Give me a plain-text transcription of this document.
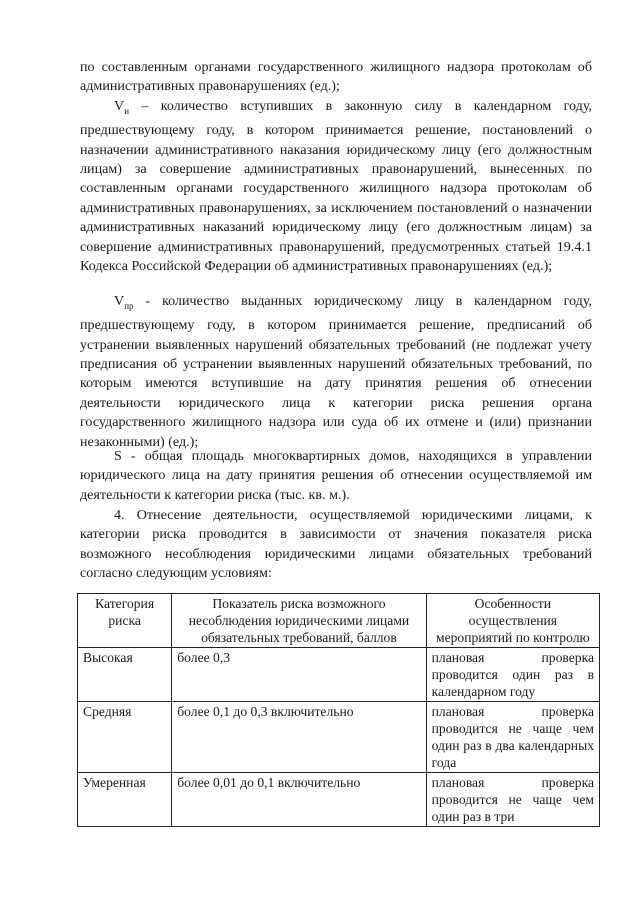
по составленным органами государственного жилищного надзора протоколам об административных правонарушениях (ед.);

$V_и$ – количество вступивших в законную силу в календарном году, предшествующему году, в котором принимается решение, постановлений о назначении административного наказания юридическому лицу (его должностным лицам) за совершение административных правонарушений, вынесенных по составленным органами государственного жилищного надзора протоколам об административных правонарушениях, за исключением постановлений о назначении административных наказаний юридическому лицу (его должностным лицам) за совершение административных правонарушений, предусмотренных статьей 19.4.1 Кодекса Российской Федерации об административных правонарушениях (ед.);

$V_{пр}$ - количество выданных юридическому лицу в календарном году, предшествующему году, в котором принимается решение, предписаний об устранении выявленных нарушений обязательных требований (не подлежат учету предписания об устранении выявленных нарушений обязательных требований, по которым имеются вступившие на дату принятия решения об отнесении деятельности юридического лица к категории риска решения органа государственного жилищного надзора или суда об их отмене и (или) признании незаконными) (ед.);

S - общая площадь многоквартирных домов, находящихся в управлении юридического лица на дату принятия решения об отнесении осуществляемой им деятельности к категории риска (тыс. кв. м.).

4. Отнесение деятельности, осуществляемой юридическими лицами, к категории риска проводится в зависимости от значения показателя риска возможного несоблюдения юридическими лицами обязательных требований согласно следующим условиям:

Категория риска	Показатель риска возможного несоблюдения юридическими лицами обязательных требований, баллов	Особенности осуществления мероприятий по контролю
Высокая	более 0,3	плановая проверка проводится один раз в календарном году
Средняя	более 0,1 до 0,3 включительно	плановая проверка проводится не чаще чем один раз в два календарных года
Умеренная	более 0,01 до 0,1 включительно	плановая проверка проводится не чаще чем один раз в три
